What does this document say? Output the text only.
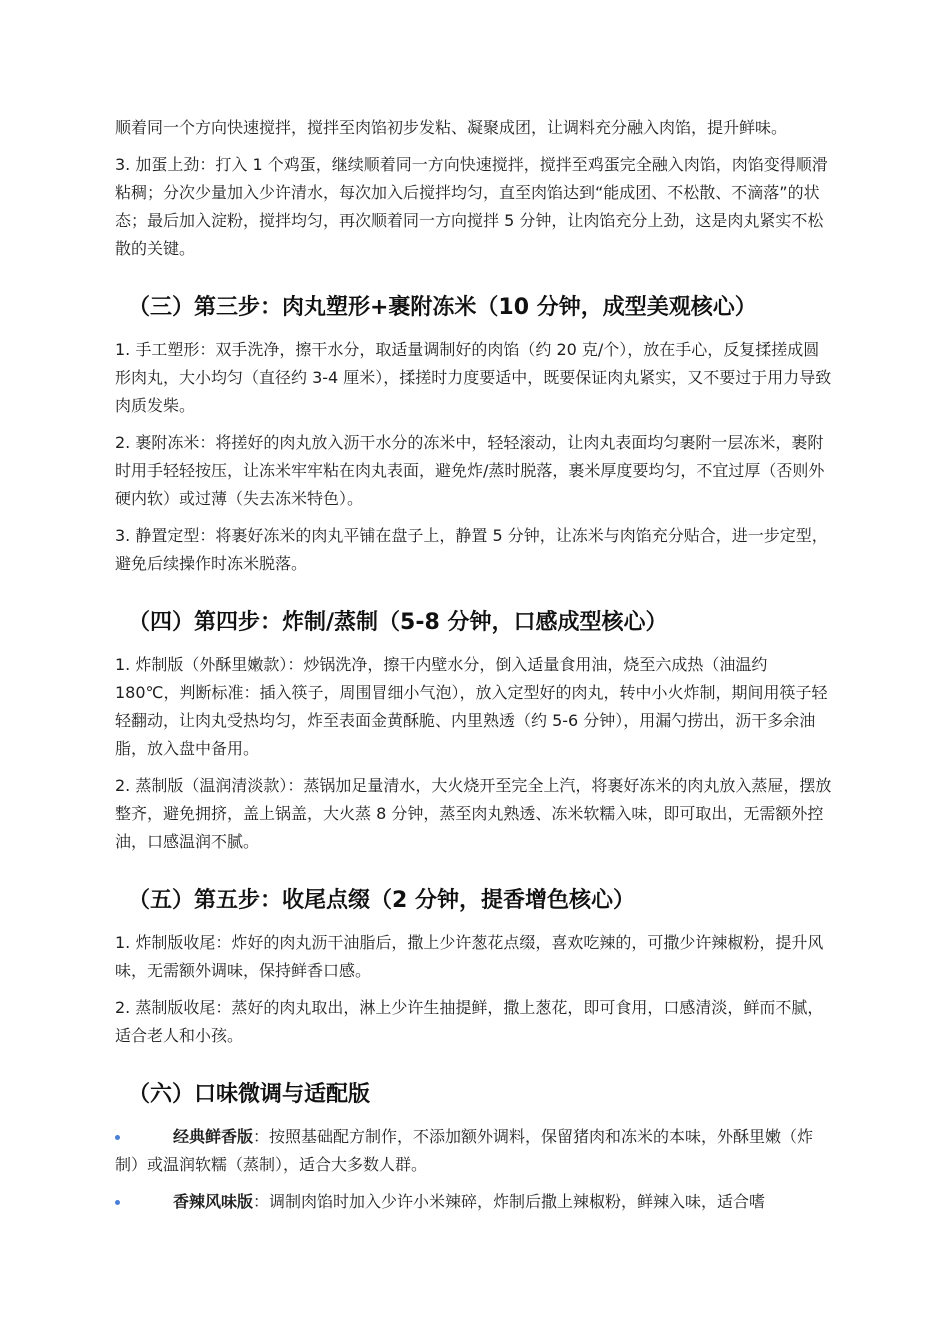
顺着同一个方向快速搅拌，搅拌至肉馅初步发粘、凝聚成团，让调料充分融入肉馅，提升鲜味。

3. 加蛋上劲：打入 1 个鸡蛋，继续顺着同一方向快速搅拌，搅拌至鸡蛋完全融入肉馅，肉馅变得顺滑粘稠；分次少量加入少许清水，每次加入后搅拌均匀，直至肉馅达到“能成团、不松散、不滴落”的状态；最后加入淀粉，搅拌均匀，再次顺着同一方向搅拌 5 分钟，让肉馅充分上劲，这是肉丸紧实不松散的关键。

（三）第三步：肉丸塑形+裹附冻米（10 分钟，成型美观核心）

1. 手工塑形：双手洗净，擦干水分，取适量调制好的肉馅（约 20 克/个），放在手心，反复揉搓成圆形肉丸，大小均匀（直径约 3-4 厘米），揉搓时力度要适中，既要保证肉丸紧实，又不要过于用力导致肉质发柴。

2. 裹附冻米：将搓好的肉丸放入沥干水分的冻米中，轻轻滚动，让肉丸表面均匀裹附一层冻米，裹附时用手轻轻按压，让冻米牢牢粘在肉丸表面，避免炸/蒸时脱落，裹米厚度要均匀，不宜过厚（否则外硬内软）或过薄（失去冻米特色）。

3. 静置定型：将裹好冻米的肉丸平铺在盘子上，静置 5 分钟，让冻米与肉馅充分贴合，进一步定型，避免后续操作时冻米脱落。

（四）第四步：炸制/蒸制（5-8 分钟，口感成型核心）

1. 炸制版（外酥里嫩款）：炒锅洗净，擦干内壁水分，倒入适量食用油，烧至六成热（油温约 180℃，判断标准：插入筷子，周围冒细小气泡），放入定型好的肉丸，转中小火炸制，期间用筷子轻轻翻动，让肉丸受热均匀，炸至表面金黄酥脆、内里熟透（约 5-6 分钟），用漏勺捞出，沥干多余油脂，放入盘中备用。

2. 蒸制版（温润清淡款）：蒸锅加足量清水，大火烧开至完全上汽，将裹好冻米的肉丸放入蒸屉，摆放整齐，避免拥挤，盖上锅盖，大火蒸 8 分钟，蒸至肉丸熟透、冻米软糯入味，即可取出，无需额外控油，口感温润不腻。

（五）第五步：收尾点缀（2 分钟，提香增色核心）

1. 炸制版收尾：炸好的肉丸沥干油脂后，撒上少许葱花点缀，喜欢吃辣的，可撒少许辣椒粉，提升风味，无需额外调味，保持鲜香口感。

2. 蒸制版收尾：蒸好的肉丸取出，淋上少许生抽提鲜，撒上葱花，即可食用，口感清淡，鲜而不腻，适合老人和小孩。

（六）口味微调与适配版

经典鲜香版：按照基础配方制作，不添加额外调料，保留猪肉和冻米的本味，外酥里嫩（炸制）或温润软糯（蒸制），适合大多数人群。

香辣风味版：调制肉馅时加入少许小米辣碎，炸制后撒上辣椒粉，鲜辣入味，适合嗜
